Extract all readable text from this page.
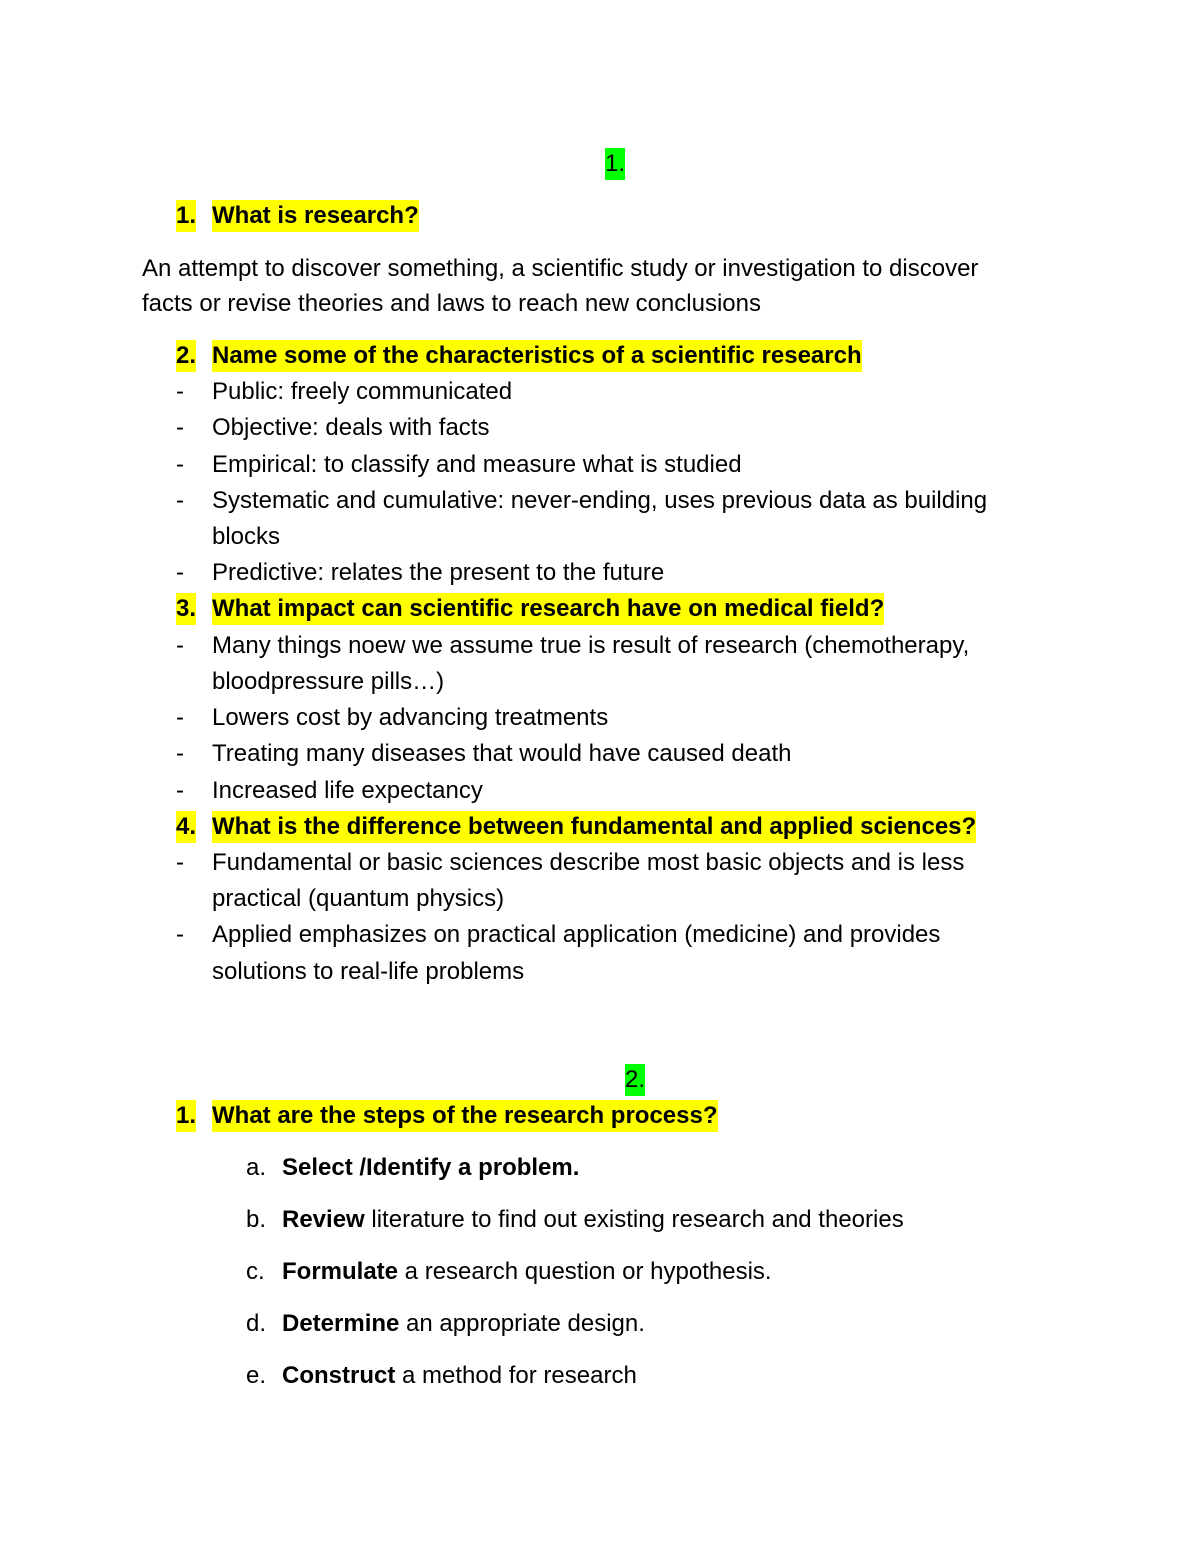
1.
1. What is research?
An attempt to discover something, a scientific study or investigation to discover
facts or revise theories and laws to reach new conclusions
2. Name some of the characteristics of a scientific research
- Public: freely communicated
- Objective: deals with facts
- Empirical: to classify and measure what is studied
- Systematic and cumulative: never-ending, uses previous data as building
blocks
- Predictive: relates the present to the future
3. What impact can scientific research have on medical field?
- Many things noew we assume true is result of research (chemotherapy,
bloodpressure pills…)
- Lowers cost by advancing treatments
- Treating many diseases that would have caused death
- Increased life expectancy
4. What is the difference between fundamental and applied sciences?
- Fundamental or basic sciences describe most basic objects and is less
practical (quantum physics)
- Applied emphasizes on practical application (medicine) and provides
solutions to real-life problems
2.
1. What are the steps of the research process?
a. Select /Identify a problem.
b. Review literature to find out existing research and theories
c. Formulate a research question or hypothesis.
d. Determine an appropriate design.
e. Construct a method for research
